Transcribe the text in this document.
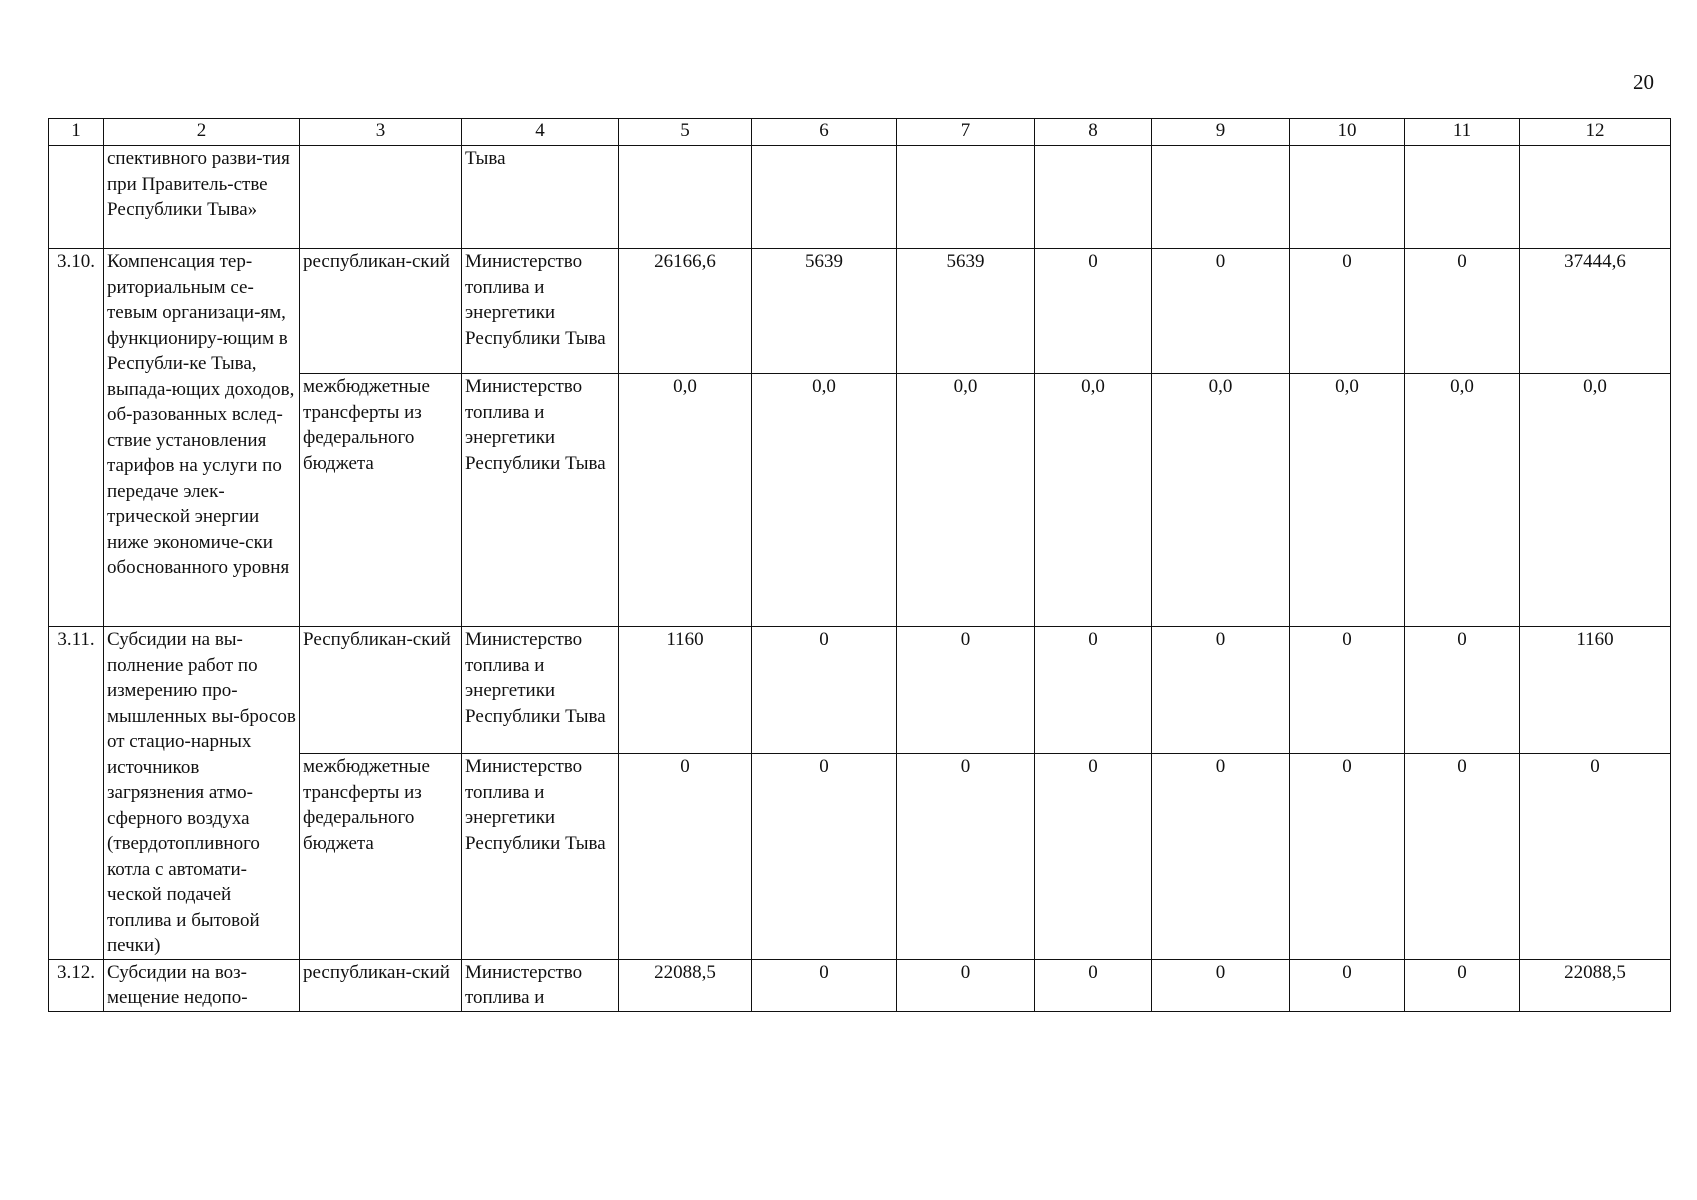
20
1	2	3	4	5	6	7	8	9	10	11	12
	спективного разви-тия при Правитель-стве Республики Тыва»		Тыва								
3.10.	Компенсация тер-риториальным се-тевым организаци-ям, функциониру-ющим в Республи-ке Тыва, выпада-ющих доходов, об-разованных вслед-ствие установления тарифов на услуги по передаче элек-трической энергии ниже экономиче-ски обоснованного уровня	республикан-ский	Министерство топлива и энергетики Республики Тыва	26166,6	5639	5639	0	0	0	0	37444,6
		межбюджетные трансферты из федерального бюджета	Министерство топлива и энергетики Республики Тыва	0,0	0,0	0,0	0,0	0,0	0,0	0,0	0,0
3.11.	Субсидии на вы-полнение работ по измерению про-мышленных вы-бросов от стацио-нарных источников загрязнения атмо-сферного воздуха (твердотопливного котла с автомати-ческой подачей топлива и бытовой печки)	Республикан-ский	Министерство топлива и энергетики Республики Тыва	1160	0	0	0	0	0	0	1160
		межбюджетные трансферты из федерального бюджета	Министерство топлива и энергетики Республики Тыва	0	0	0	0	0	0	0	0
3.12.	Субсидии на воз-мещение недопо-	республикан-ский	Министерство топлива и	22088,5	0	0	0	0	0	0	22088,5
